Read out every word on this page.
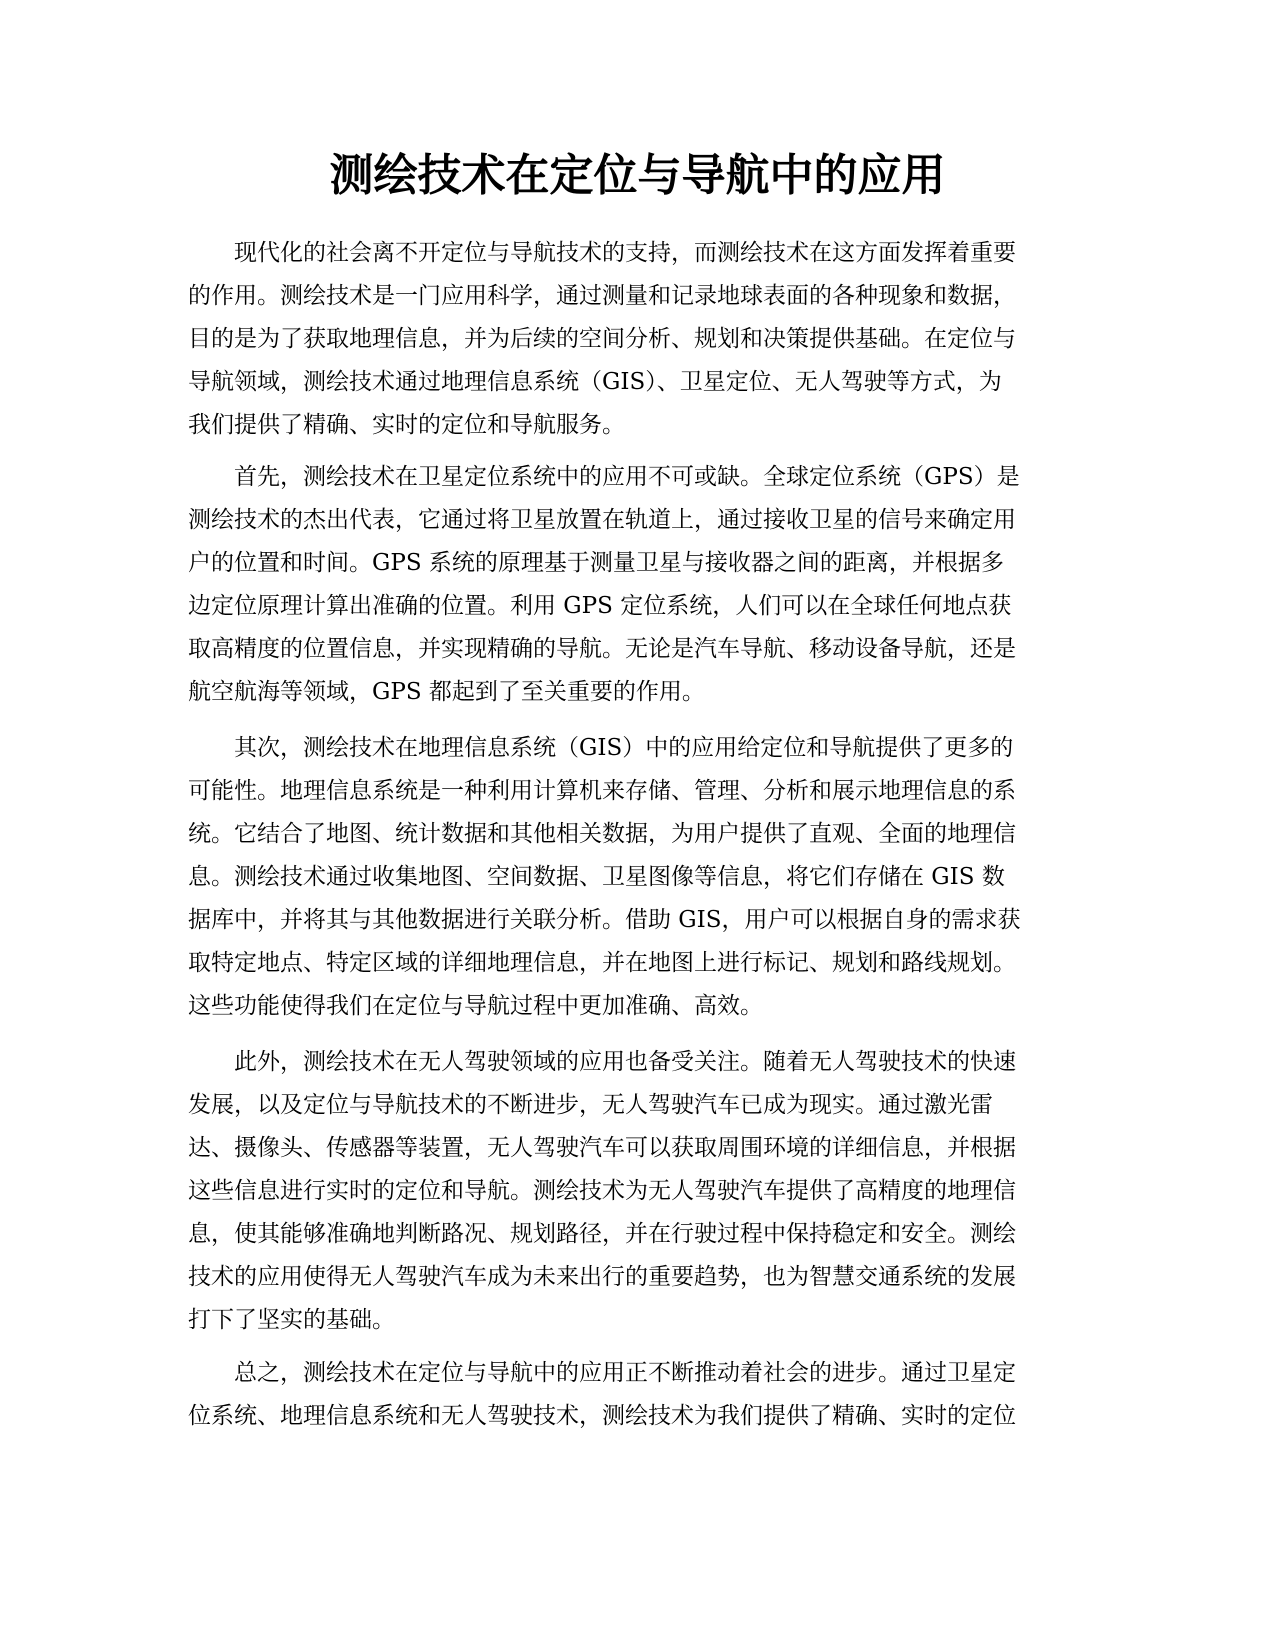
测绘技术在定位与导航中的应用
现代化的社会离不开定位与导航技术的支持，而测绘技术在这方面发挥着重要
的作用。测绘技术是一门应用科学，通过测量和记录地球表面的各种现象和数据，
目的是为了获取地理信息，并为后续的空间分析、规划和决策提供基础。在定位与
导航领域，测绘技术通过地理信息系统（GIS）、卫星定位、无人驾驶等方式，为
我们提供了精确、实时的定位和导航服务。
首先，测绘技术在卫星定位系统中的应用不可或缺。全球定位系统（GPS）是
测绘技术的杰出代表，它通过将卫星放置在轨道上，通过接收卫星的信号来确定用
户的位置和时间。GPS 系统的原理基于测量卫星与接收器之间的距离，并根据多
边定位原理计算出准确的位置。利用 GPS 定位系统，人们可以在全球任何地点获
取高精度的位置信息，并实现精确的导航。无论是汽车导航、移动设备导航，还是
航空航海等领域，GPS 都起到了至关重要的作用。
其次，测绘技术在地理信息系统（GIS）中的应用给定位和导航提供了更多的
可能性。地理信息系统是一种利用计算机来存储、管理、分析和展示地理信息的系
统。它结合了地图、统计数据和其他相关数据，为用户提供了直观、全面的地理信
息。测绘技术通过收集地图、空间数据、卫星图像等信息，将它们存储在 GIS 数
据库中，并将其与其他数据进行关联分析。借助 GIS，用户可以根据自身的需求获
取特定地点、特定区域的详细地理信息，并在地图上进行标记、规划和路线规划。
这些功能使得我们在定位与导航过程中更加准确、高效。
此外，测绘技术在无人驾驶领域的应用也备受关注。随着无人驾驶技术的快速
发展，以及定位与导航技术的不断进步，无人驾驶汽车已成为现实。通过激光雷
达、摄像头、传感器等装置，无人驾驶汽车可以获取周围环境的详细信息，并根据
这些信息进行实时的定位和导航。测绘技术为无人驾驶汽车提供了高精度的地理信
息，使其能够准确地判断路况、规划路径，并在行驶过程中保持稳定和安全。测绘
技术的应用使得无人驾驶汽车成为未来出行的重要趋势，也为智慧交通系统的发展
打下了坚实的基础。
总之，测绘技术在定位与导航中的应用正不断推动着社会的进步。通过卫星定
位系统、地理信息系统和无人驾驶技术，测绘技术为我们提供了精确、实时的定位
